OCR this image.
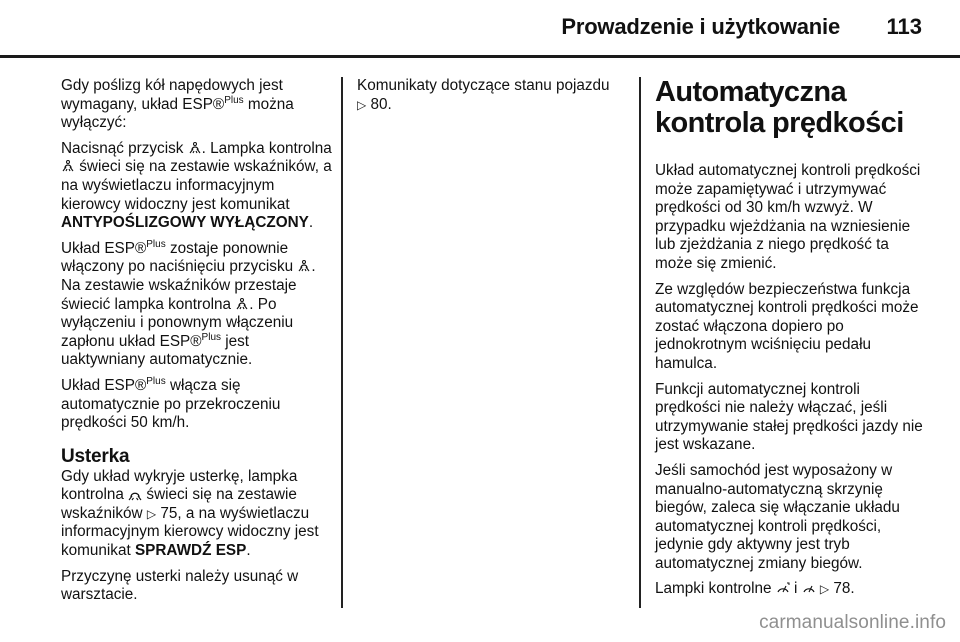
Prowadzenie i użytkowanie	113

Gdy poślizg kół napędowych jest wymagany, układ ESP®$^{Plus}$ można wyłączyć:

Nacisnąć przycisk
. Lampka kontrolna
świeci się na zestawie wskaźników, a na wyświetlaczu informacyjnym kierowcy widoczny jest komunikat ANTYPOŚLIZGOWY WYŁĄCZONY.

Układ ESP®$^{Plus}$ zostaje ponownie włączony po naciśnięciu przycisku
. Na zestawie wskaźników przestaje świecić lampka kontrolna
. Po wyłączeniu i ponownym włączeniu zapłonu układ ESP®$^{Plus}$ jest uaktywniany automatycznie.

Układ ESP®$^{Plus}$ włącza się automatycznie po przekroczeniu prędkości 50 km/h.

Usterka

Gdy układ wykryje usterkę, lampka kontrolna
świeci się na zestawie wskaźników ▷ 75, a na wyświetlaczu informacyjnym kierowcy widoczny jest komunikat SPRAWDŹ ESP.

Przyczynę usterki należy usunąć w warsztacie.

Komunikaty dotyczące stanu pojazdu
▷ 80.	Automatyczna kontrola prędkości

Układ automatycznej kontroli prędkości może zapamiętywać i utrzymywać prędkości od 30 km/h wzwyż. W przypadku wjeżdżania na wzniesienie lub zjeżdżania z niego prędkość ta może się zmienić.

Ze względów bezpieczeństwa funkcja automatycznej kontroli prędkości może zostać włączona dopiero po jednokrotnym wciśnięciu pedału hamulca.

Funkcji automatycznej kontroli prędkości nie należy włączać, jeśli utrzymywanie stałej prędkości jazdy nie jest wskazane.

Jeśli samochód jest wyposażony w manualno-automatyczną skrzynię biegów, zaleca się włączanie układu automatycznej kontroli prędkości, jedynie gdy aktywny jest tryb automatycznej zmiany biegów.

Lampki kontrolne
i
▷ 78.

carmanualsonline.info
